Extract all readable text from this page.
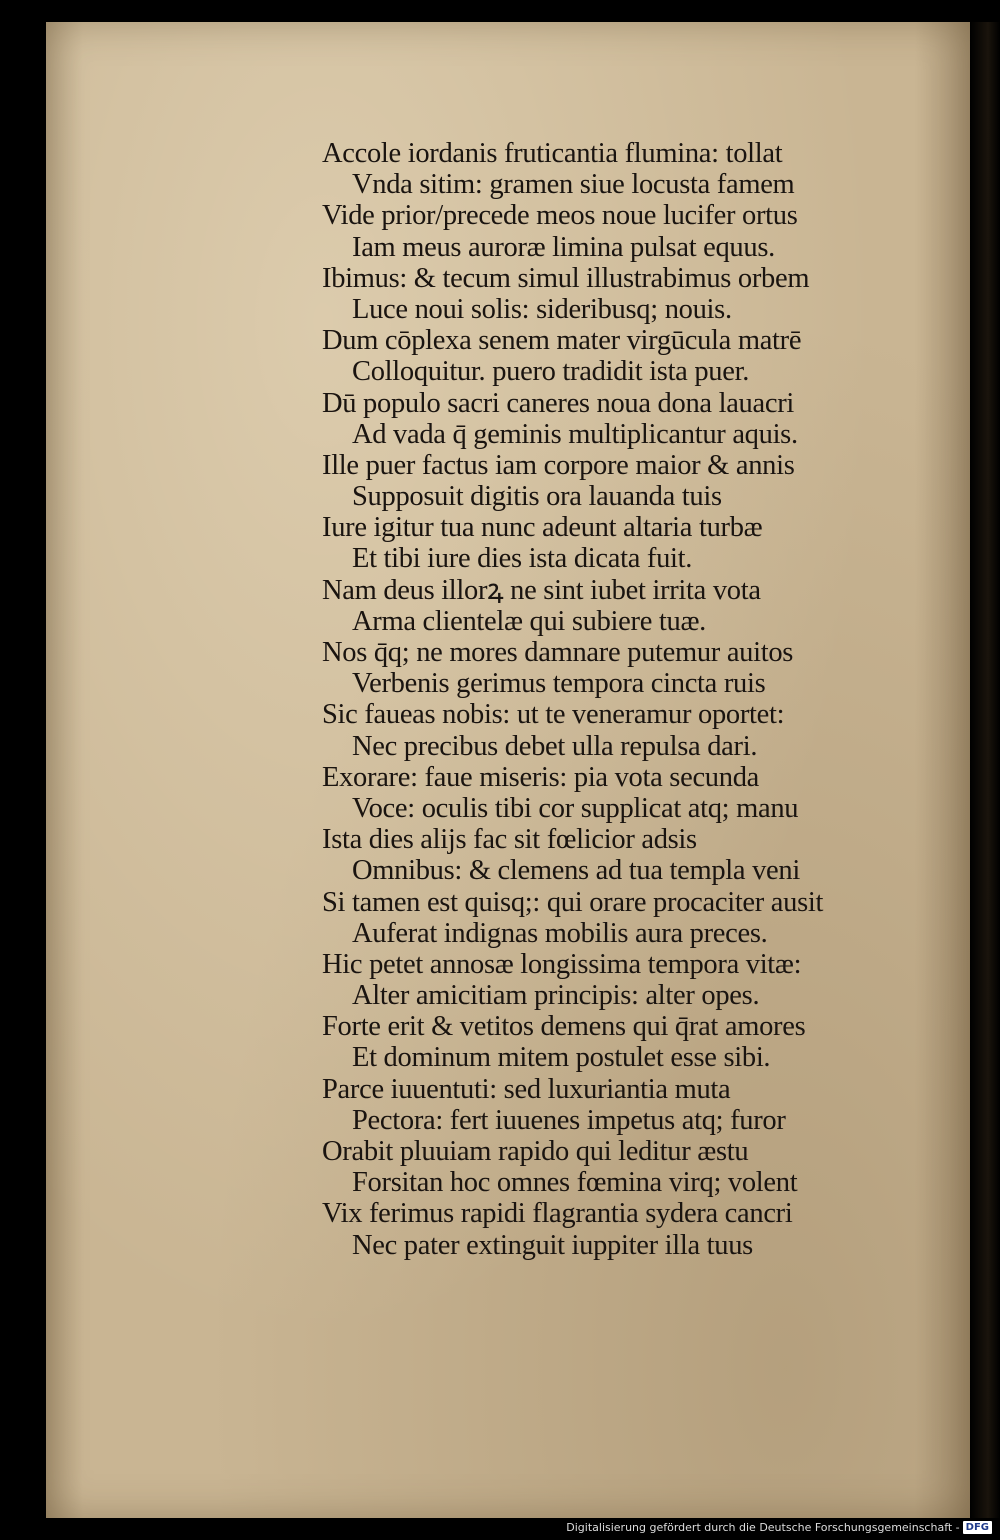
Accole iordanis fruticantia flumina: tollat
Vnda sitim: gramen siue locusta famem
Vide prior/precede meos noue lucifer ortus
Iam meus auroræ limina pulsat equus.
Ibimus: & tecum simul illustrabimus orbem
Luce noui solis: sideribusq; nouis.
Dum cōplexa senem mater virgūcula matrē
Colloquitur. puero tradidit ista puer.
Dū populo sacri caneres noua dona lauacri
Ad vada q̄ geminis multiplicantur aquis.
Ille puer factus iam corpore maior & annis
Supposuit digitis ora lauanda tuis
Iure igitur tua nunc adeunt altaria turbæ
Et tibi iure dies ista dicata fuit.
Nam deus illorꝝ ne sint iubet irrita vota
Arma clientelæ qui subiere tuæ.
Nos q̄q; ne mores damnare putemur auitos
Verbenis gerimus tempora cincta ruis
Sic faueas nobis: ut te veneramur oportet:
Nec precibus debet ulla repulsa dari.
Exorare: faue miseris: pia vota secunda
Voce: oculis tibi cor supplicat atq; manu
Ista dies alijs fac sit fœlicior adsis
Omnibus: & clemens ad tua templa veni
Si tamen est quisq;: qui orare procaciter ausit
Auferat indignas mobilis aura preces.
Hic petet annosæ longissima tempora vitæ:
Alter amicitiam principis: alter opes.
Forte erit & vetitos demens qui q̄rat amores
Et dominum mitem postulet esse sibi.
Parce iuuentuti: sed luxuriantia muta
Pectora: fert iuuenes impetus atq; furor
Orabit pluuiam rapido qui leditur æstu
Forsitan hoc omnes fœmina virq; volent
Vix ferimus rapidi flagrantia sydera cancri
Nec pater extinguit iuppiter illa tuus
Digitalisierung gefördert durch die Deutsche Forschungsgemeinschaft - DFG
